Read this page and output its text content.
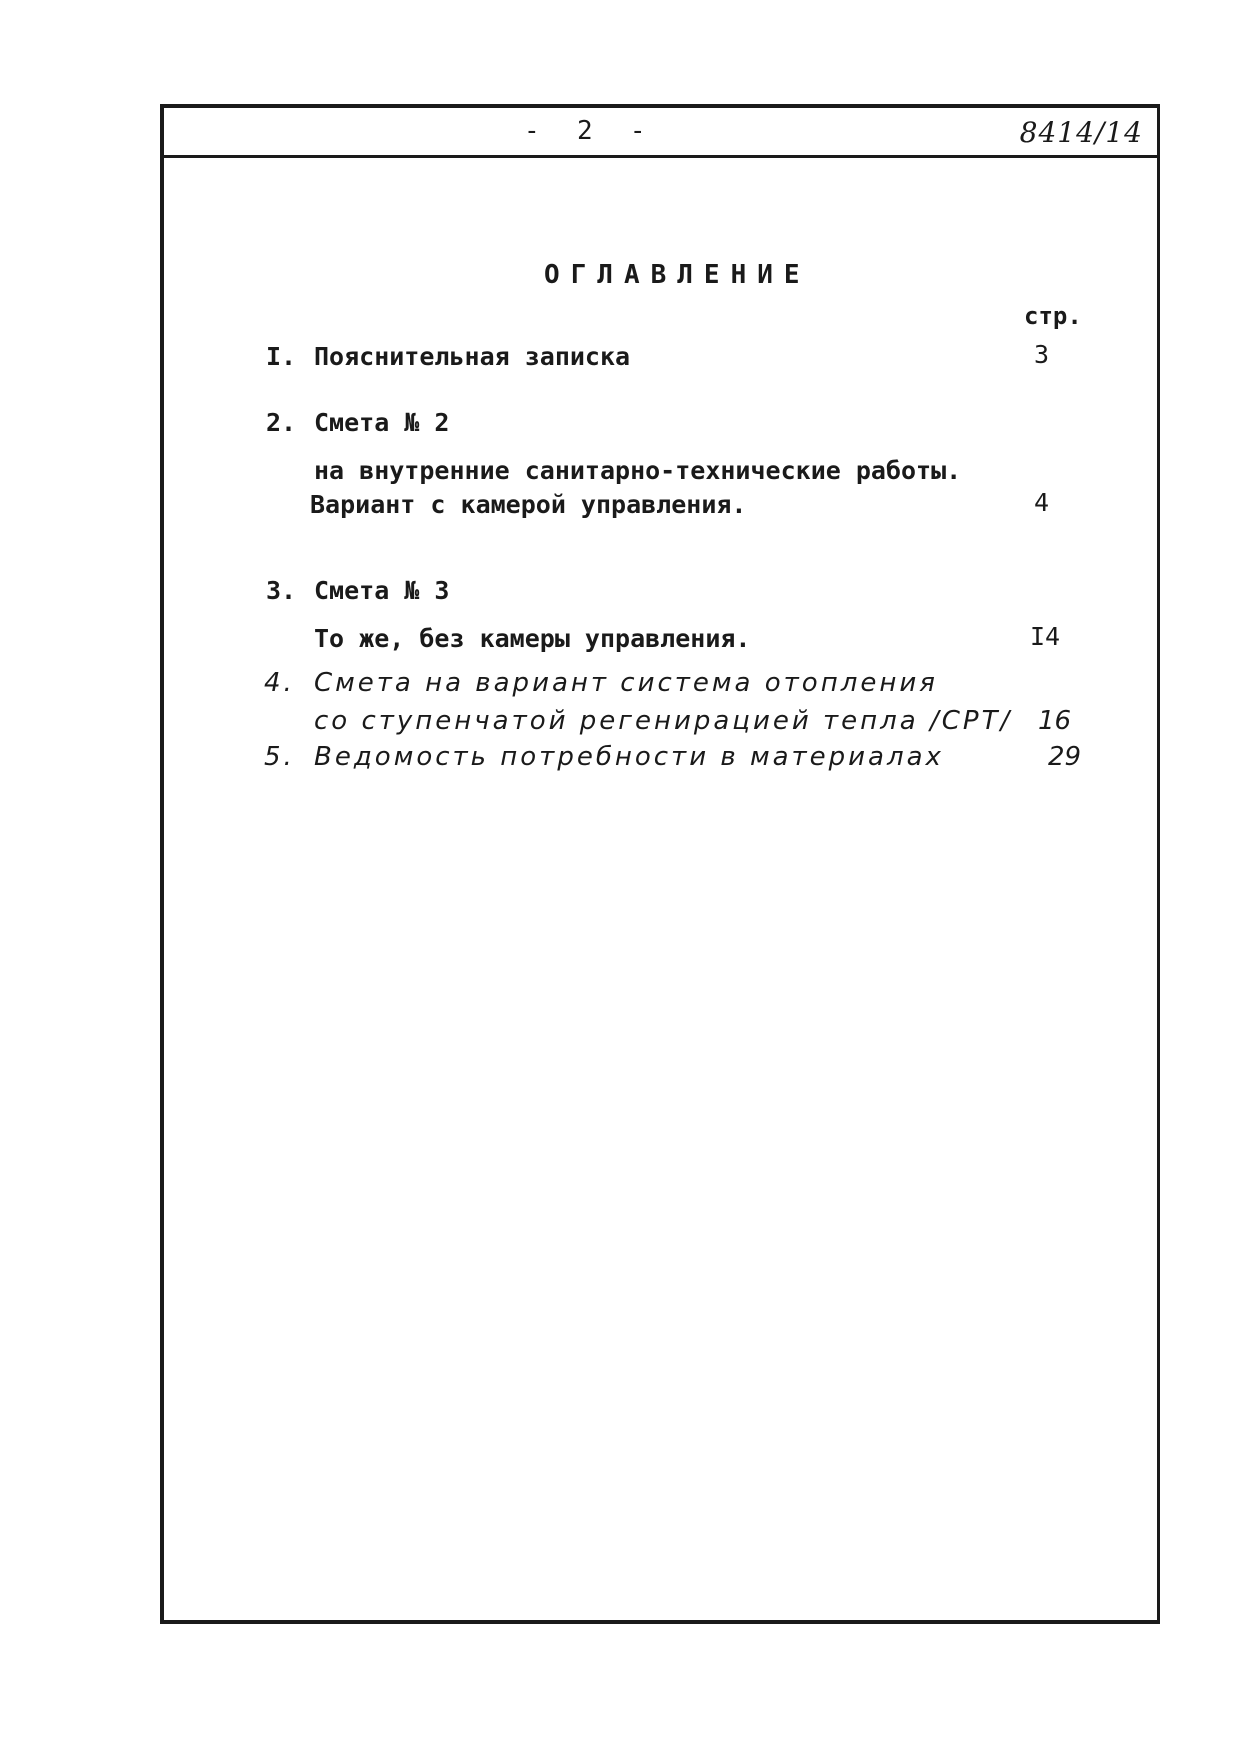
-  2  -	8414/14
ОГЛАВЛЕНИЕ
стр.
I. Пояснительная записка	3
2. Смета № 2
на внутренние санитарно-технические работы.
Вариант с камерой управления.	4
3. Смета № 3
То же, без камеры управления.	I4
4. Смета на вариант система отопления
со ступенчатой регенирацией тепла /СРТ/ 16
5. Ведомость потребности в материалах	29
